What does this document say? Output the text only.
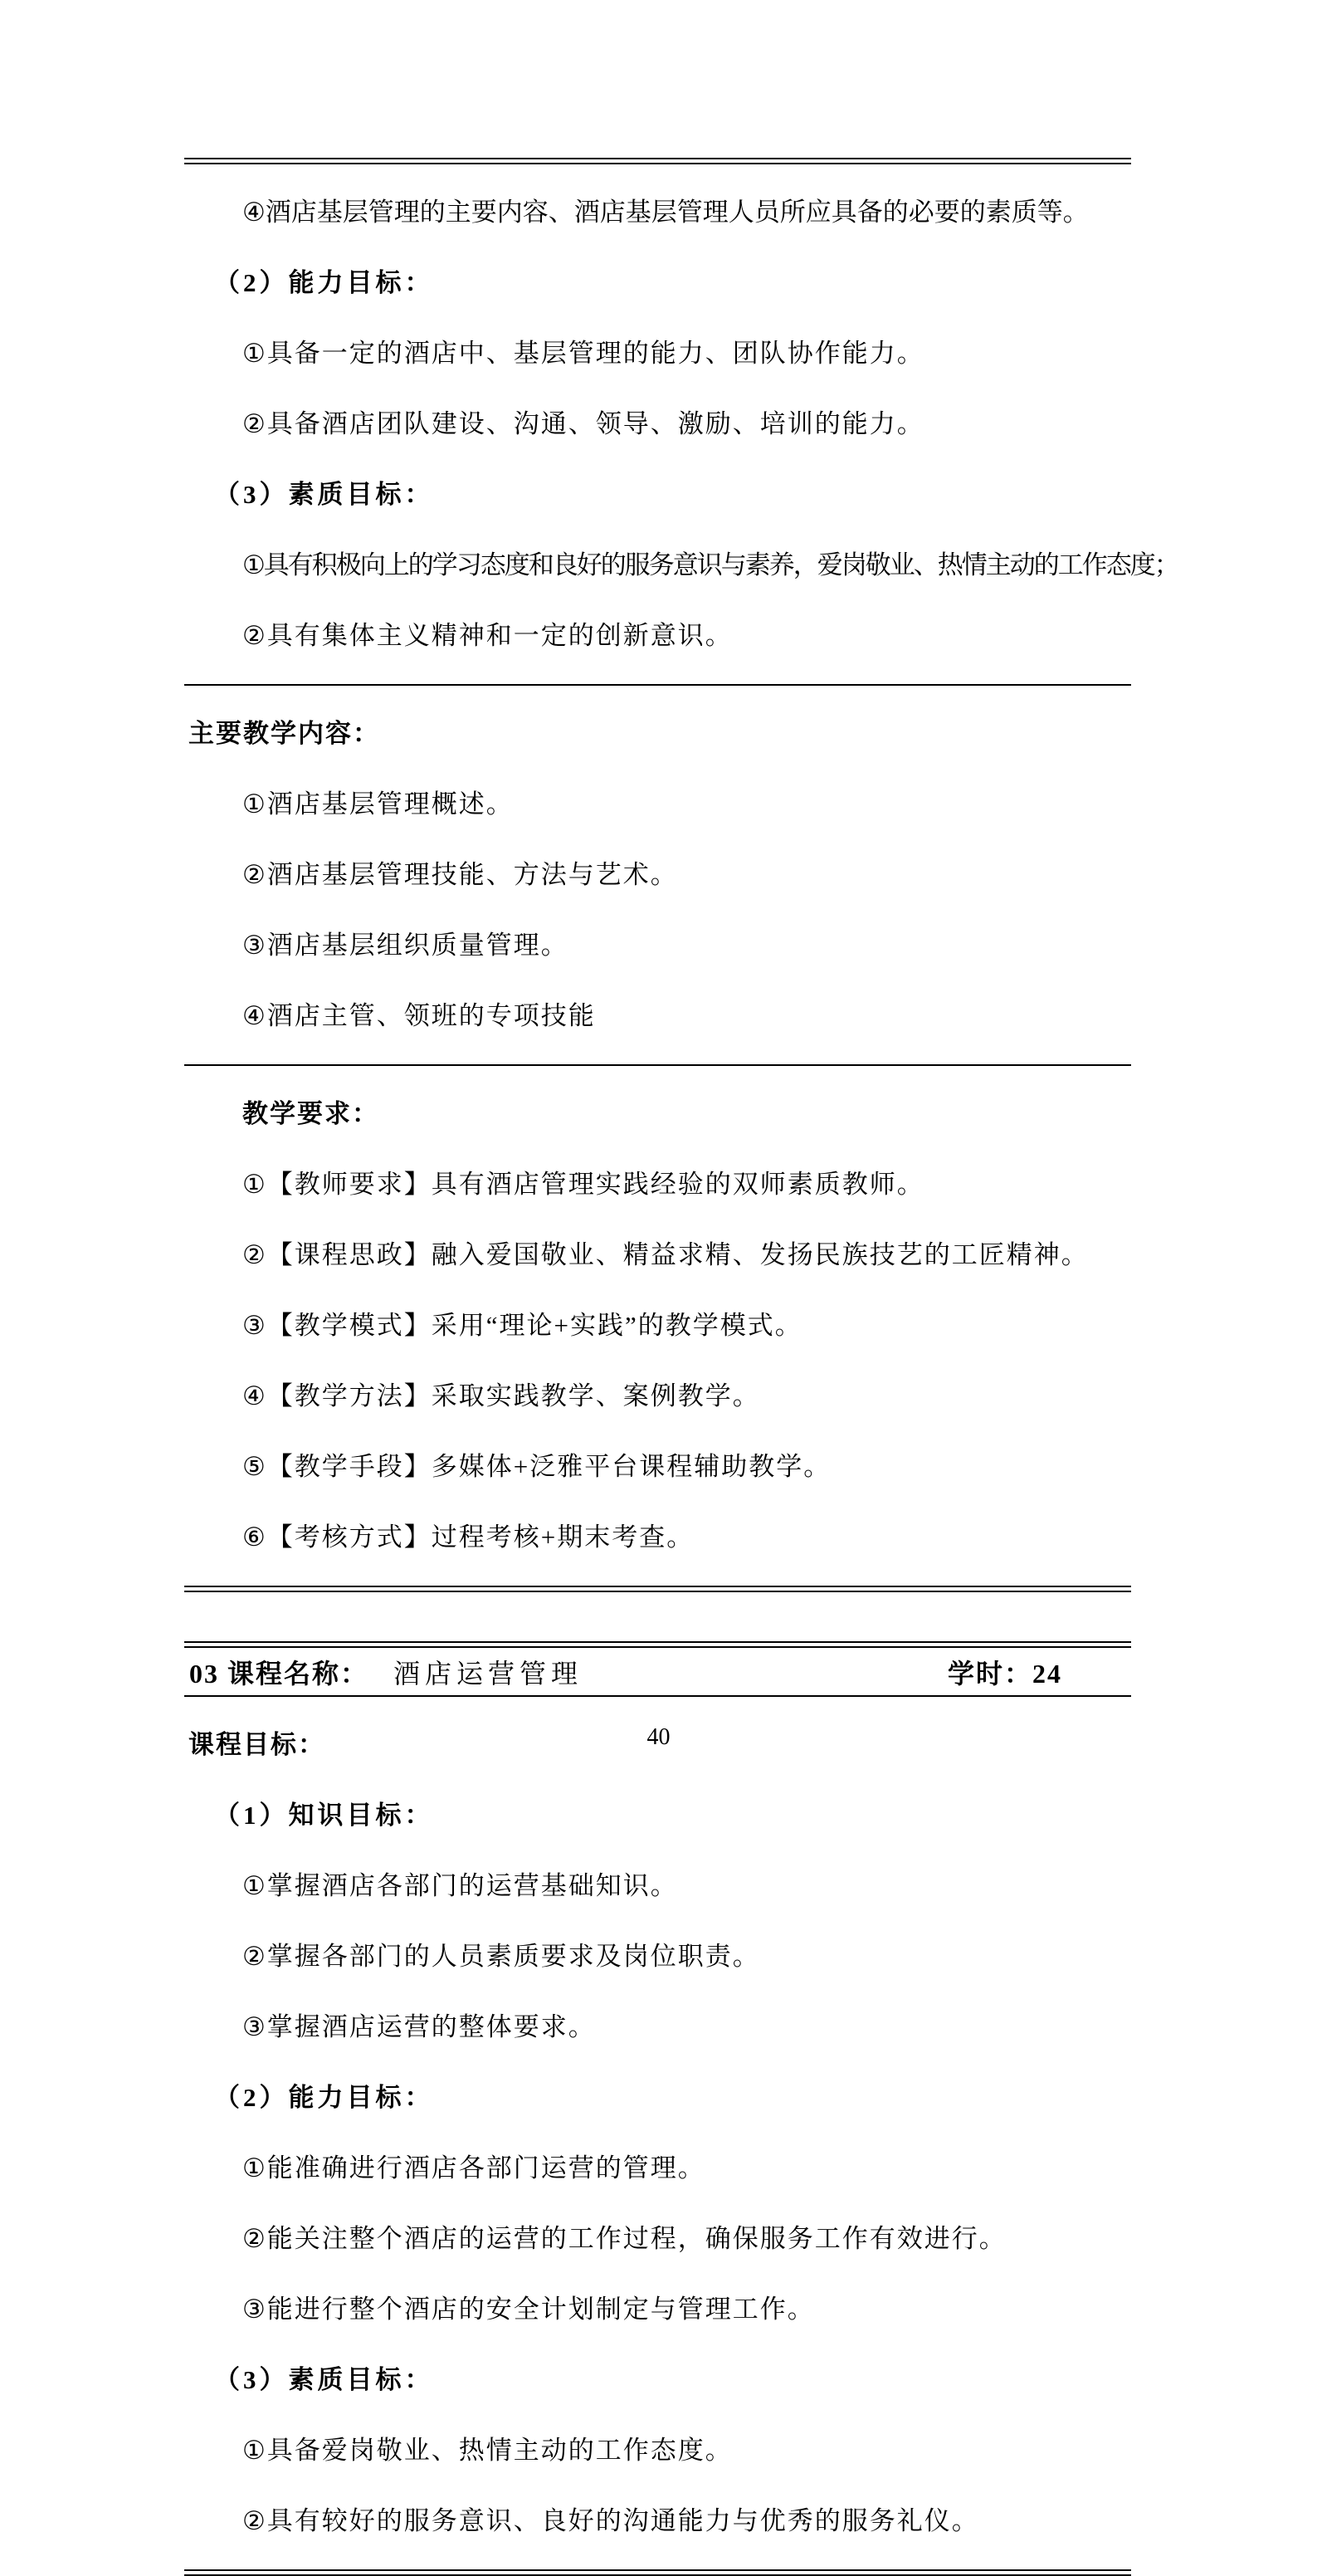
④酒店基层管理的主要内容、酒店基层管理人员所应具备的必要的素质等。

（2）能力目标：

①具备一定的酒店中、基层管理的能力、团队协作能力。

②具备酒店团队建设、沟通、领导、激励、培训的能力。

（3）素质目标：

①具有积极向上的学习态度和良好的服务意识与素养，爱岗敬业、热情主动的工作态度；

②具有集体主义精神和一定的创新意识。

主要教学内容：

①酒店基层管理概述。

②酒店基层管理技能、方法与艺术。

③酒店基层组织质量管理。

④酒店主管、领班的专项技能

教学要求：

①【教师要求】具有酒店管理实践经验的双师素质教师。

②【课程思政】融入爱国敬业、精益求精、发扬民族技艺的工匠精神。

③【教学模式】采用“理论+实践”的教学模式。

④【教学方法】采取实践教学、案例教学。

⑤【教学手段】多媒体+泛雅平台课程辅助教学。

⑥【考核方式】过程考核+期末考查。

03 课程名称： 酒店运营管理	学时：24

课程目标：

（1）知识目标：

①掌握酒店各部门的运营基础知识。

②掌握各部门的人员素质要求及岗位职责。

③掌握酒店运营的整体要求。

（2）能力目标：

①能准确进行酒店各部门运营的管理。

②能关注整个酒店的运营的工作过程，确保服务工作有效进行。

③能进行整个酒店的安全计划制定与管理工作。

（3）素质目标：

①具备爱岗敬业、热情主动的工作态度。

②具有较好的服务意识、良好的沟通能力与优秀的服务礼仪。

40
